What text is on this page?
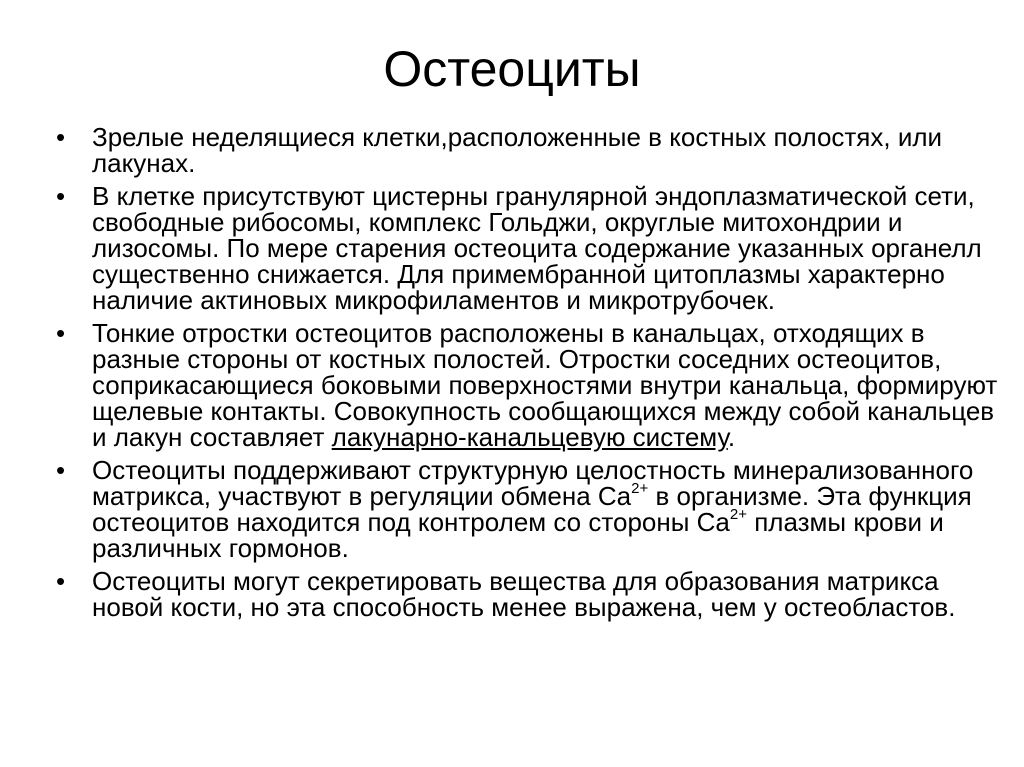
Остеоциты
•	Зрелые неделящиеся клетки,расположенные в костных полостях, или лакунах.
•	В клетке присутствуют цистерны гранулярной эндоплазматической сети, свободные рибосомы, комплекс Гольджи, округлые митохондрии и лизосомы. По мере старения остеоцита содержание указанных органелл существенно снижается. Для примембранной цитоплазмы характерно наличие актиновых микрофиламентов и микротрубочек.
•	Тонкие отростки остеоцитов расположены в канальцах, отходящих в разные стороны от костных полостей. Отростки соседних остеоцитов, соприкасающиеся боковыми поверхностями внутри канальца, формируют щелевые контакты. Совокупность сообщающихся между собой канальцев и лакун составляет лакунарно-канальцевую систему.
•	Остеоциты поддерживают структурную целостность минерализованного матрикса, участвуют в регуляции обмена $Ca^{2+}$ в организме. Эта функция остеоцитов находится под контролем со стороны $Ca^{2+}$ плазмы крови и различных гормонов.
•	Остеоциты могут секретировать вещества для образования матрикса новой кости, но эта способность менее выражена, чем у остеобластов.
